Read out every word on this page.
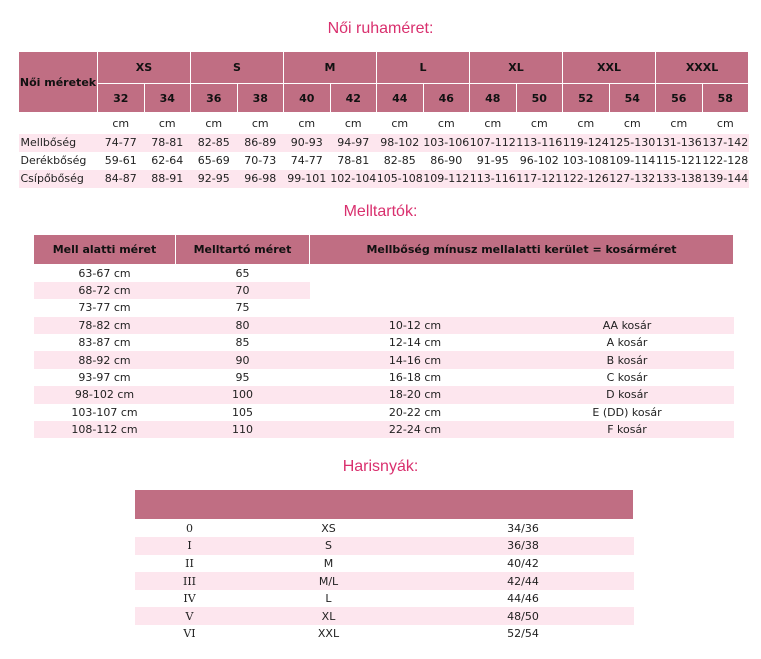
Női ruhaméret:
Női méretek	XS		S		M		L		XL		XXL		XXXL	
	32	34	36	38	40	42	44	46	48	50	52	54	56	58
	cm	cm	cm	cm	cm	cm	cm	cm	cm	cm	cm	cm	cm	cm
Mellbőség	74-77	78-81	82-85	86-89	90-93	94-97	98-102	103-106	107-112	113-116	119-124	125-130	131-136	137-142
Derékbőség	59-61	62-64	65-69	70-73	74-77	78-81	82-85	86-90	91-95	96-102	103-108	109-114	115-121	122-128
Csípőbőség	84-87	88-91	92-95	96-98	99-101	102-104	105-108	109-112	113-116	117-121	122-126	127-132	133-138	139-144
Melltartók:
Mell alatti méret	Melltartó méret	Mellbőség mínusz mellalatti kerület = kosárméret	
63-67 cm	65		
68-72 cm	70		
73-77 cm	75		
78-82 cm	80	10-12 cm	AA kosár
83-87 cm	85	12-14 cm	A kosár
88-92 cm	90	14-16 cm	B kosár
93-97 cm	95	16-18 cm	C kosár
98-102 cm	100	18-20 cm	D kosár
103-107 cm	105	20-22 cm	E (DD) kosár
108-112 cm	110	22-24 cm	F kosár
Harisnyák:

0	XS	34/36
I	S	36/38
II	M	40/42
III	M/L	42/44
IV	L	44/46
V	XL	48/50
VI	XXL	52/54
